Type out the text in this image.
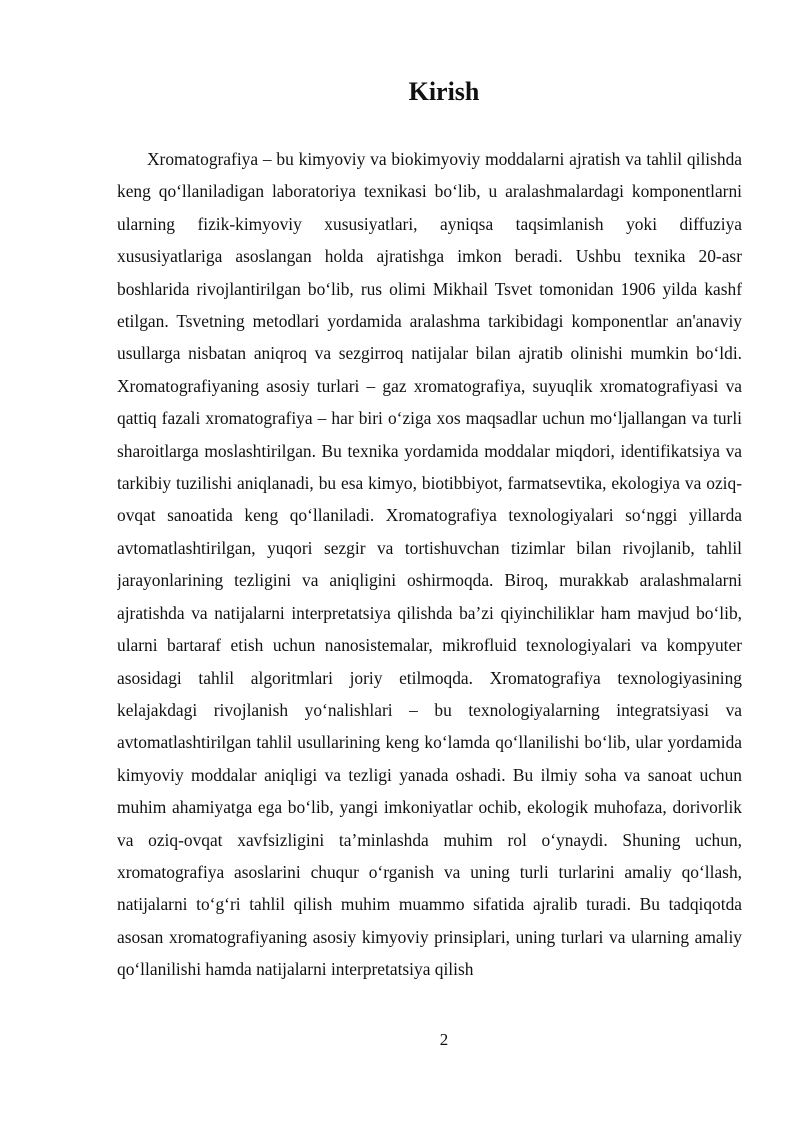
Kirish

Xromatografiya – bu kimyoviy va biokimyoviy moddalarni ajratish va tahlil qilishda keng qo‘llaniladigan laboratoriya texnikasi bo‘lib, u aralashmalardagi komponentlarni ularning fizik-kimyoviy xususiyatlari, ayniqsa taqsimlanish yoki diffuziya xususiyatlariga asoslangan holda ajratishga imkon beradi. Ushbu texnika 20-asr boshlarida rivojlantirilgan bo‘lib, rus olimi Mikhail Tsvet tomonidan 1906 yilda kashf etilgan. Tsvetning metodlari yordamida aralashma tarkibidagi komponentlar an'anaviy usullarga nisbatan aniqroq va sezgirroq natijalar bilan ajratib olinishi mumkin bo‘ldi. Xromatografiyaning asosiy turlari – gaz xromatografiya, suyuqlik xromatografiyasi va qattiq fazali xromatografiya – har biri o‘ziga xos maqsadlar uchun mo‘ljallangan va turli sharoitlarga moslashtirilgan. Bu texnika yordamida moddalar miqdori, identifikatsiya va tarkibiy tuzilishi aniqlanadi, bu esa kimyo, biotibbiyot, farmatsevtika, ekologiya va oziq-ovqat sanoatida keng qo‘llaniladi. Xromatografiya texnologiyalari so‘nggi yillarda avtomatlashtirilgan, yuqori sezgir va tortishuvchan tizimlar bilan rivojlanib, tahlil jarayonlarining tezligini va aniqligini oshirmoqda. Biroq, murakkab aralashmalarni ajratishda va natijalarni interpretatsiya qilishda ba’zi qiyinchiliklar ham mavjud bo‘lib, ularni bartaraf etish uchun nanosistemalar, mikrofluid texnologiyalari va kompyuter asosidagi tahlil algoritmlari joriy etilmoqda. Xromatografiya texnologiyasining kelajakdagi rivojlanish yo‘nalishlari – bu texnologiyalarning integratsiyasi va avtomatlashtirilgan tahlil usullarining keng ko‘lamda qo‘llanilishi bo‘lib, ular yordamida kimyoviy moddalar aniqligi va tezligi yanada oshadi. Bu ilmiy soha va sanoat uchun muhim ahamiyatga ega bo‘lib, yangi imkoniyatlar ochib, ekologik muhofaza, dorivorlik va oziq-ovqat xavfsizligini ta’minlashda muhim rol o‘ynaydi. Shuning uchun, xromatografiya asoslarini chuqur o‘rganish va uning turli turlarini amaliy qo‘llash, natijalarni to‘g‘ri tahlil qilish muhim muammo sifatida ajralib turadi. Bu tadqiqotda asosan xromatografiyaning asosiy kimyoviy prinsiplari, uning turlari va ularning amaliy qo‘llanilishi hamda natijalarni interpretatsiya qilish

2
